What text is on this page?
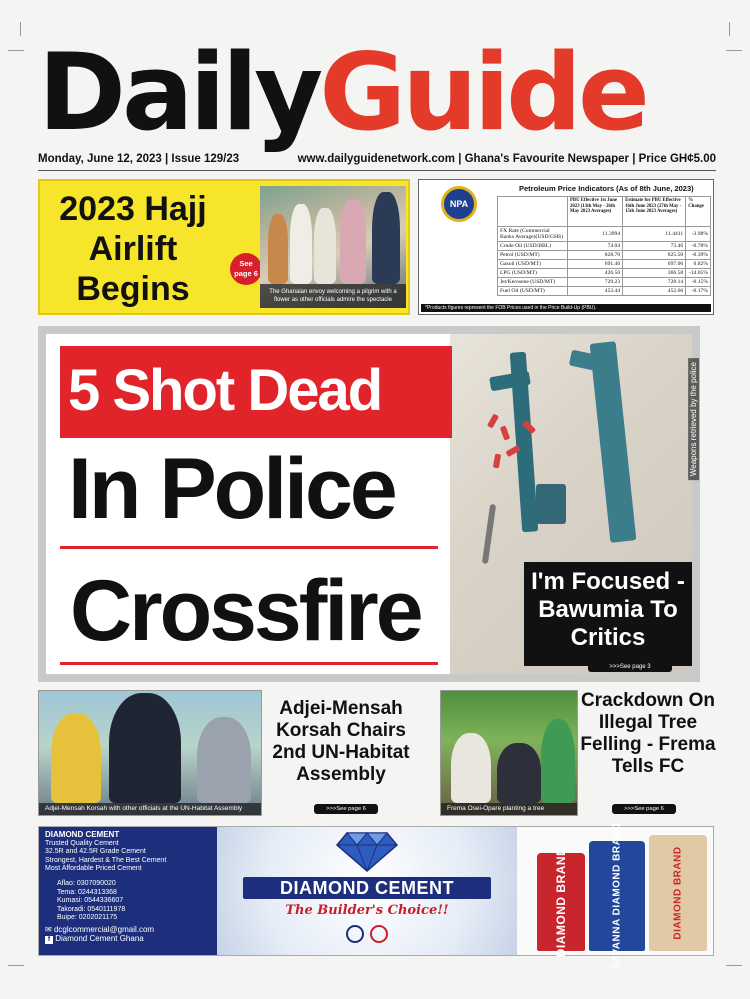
DailyGuide
Monday, June 12, 2023 | Issue 129/23	www.dailyguidenetwork.com | Ghana's Favourite Newspaper | Price GH¢5.00
2023 Hajj Airlift Begins
See page 6
The Ghanaian envoy welcoming a pilgrim with a flower as other officials admire the spectacle
NPA
Petroleum Price Indicators (As of 8th June, 2023)
	PBU Effective 1st June 2023 (13th May - 26th May 2023 Averages)	Estimate for PBU Effective 16th June 2023 (27th May - 15th June 2023 Averages)	% Change
FX Rate (Commercial Banks Average)(USD/GHS)	11.3994	11.4411	-3.98%
Crude Oil (USD/BBL)	74.04	73.46	-0.78%
Petrol (USD/MT)	828.70	825.50	-0.39%
Gasoil (USD/MT)	691.40	697.06	0.82%
LPG (USD/MT)	426.50	366.58	-14.05%
Jet/Kerosene (USD/MT)	729.23	728.14	-0.15%
Fuel Oil (USD/MT)	453.44	452.66	-0.17%
*Products figures represent the FOB Prices used in the Price Build-Up (PBU).
Weapons retrieved by the police
5 Shot Dead
In Police
Crossfire	I'm Focused - Bawumia To Critics
>>>See page 3
Adjei-Mensah Korsah with other officials at the UN-Habitat Assembly
Adjei-Mensah Korsah Chairs 2nd UN-Habitat Assembly
>>>See page 6	Frema Osei-Opare planting a tree
Crackdown On Illegal Tree Felling - Frema Tells FC
>>>See page 6
DIAMOND CEMENT
Trusted Quality Cement
32.5R and 42.5R Grade Cement
Strongest, Hardest & The Best Cement
Most Affordable Priced Cement
Aflao: 0307090020
Tema: 0244313368
Kumasi: 0544336607
Takoradi: 0540111978
Buipe: 0202021175
✉ dcglcommercial@gmail.com
f Diamond Cement Ghana
DIAMOND CEMENT
The Builder's Choice!!	DIAMOND BRAND	SAVANNA DIAMOND BRAND	DIAMOND BRAND
